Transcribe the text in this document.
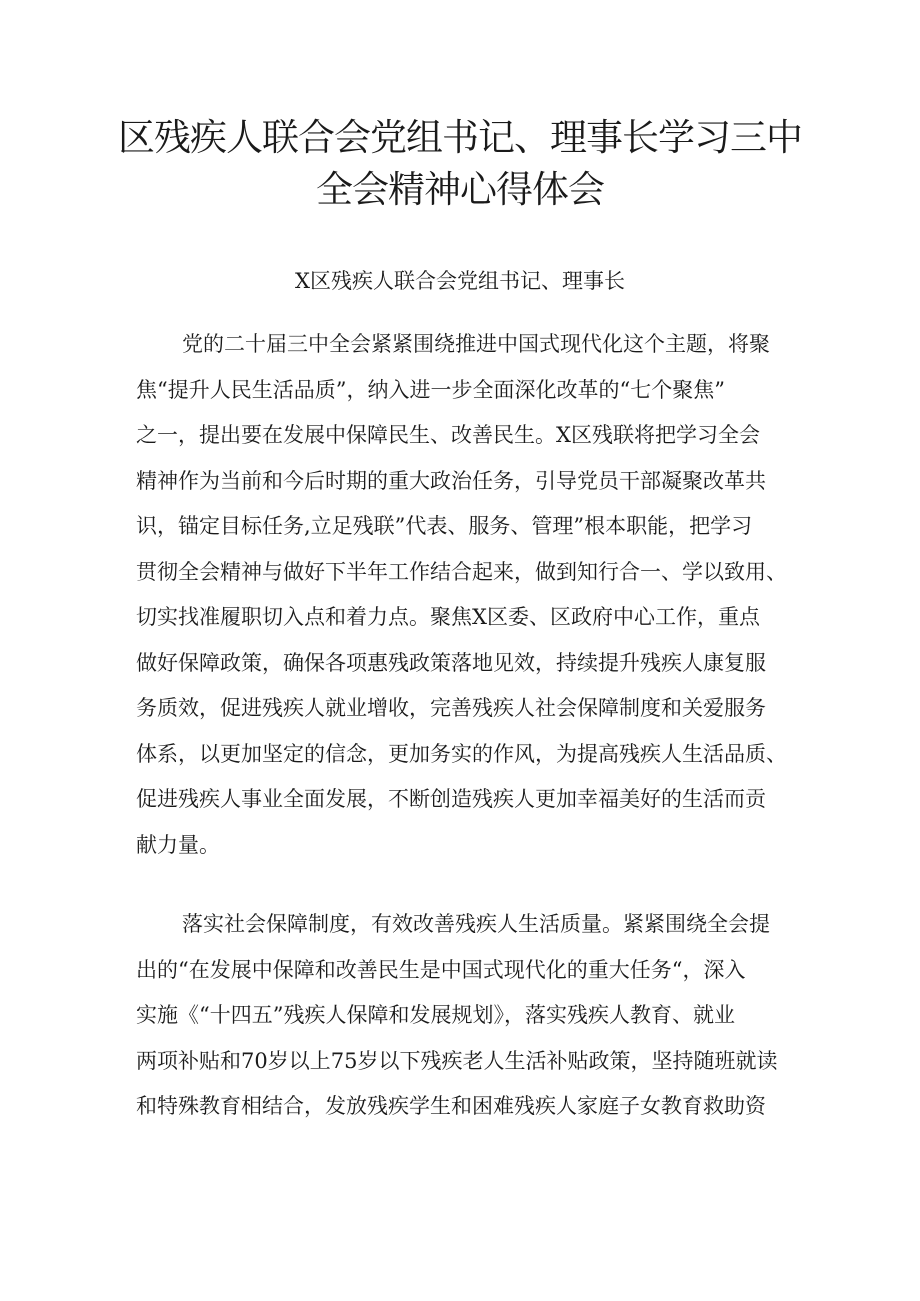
区残疾人联合会党组书记、理事长学习三中
全会精神心得体会
X区残疾人联合会党组书记、理事长
党的二十届三中全会紧紧围绕推进中国式现代化这个主题，将聚
焦“提升人民生活品质”，纳入进一步全面深化改革的“七个聚焦”
之一，提出要在发展中保障民生、改善民生。X区残联将把学习全会
精神作为当前和今后时期的重大政治任务，引导党员干部凝聚改革共
识，锚定目标任务,立足残联”代表、服务、管理”根本职能，把学习
贯彻全会精神与做好下半年工作结合起来，做到知行合一、学以致用、
切实找准履职切入点和着力点。聚焦X区委、区政府中心工作，重点
做好保障政策，确保各项惠残政策落地见效，持续提升残疾人康复服
务质效，促进残疾人就业增收，完善残疾人社会保障制度和关爱服务
体系，以更加坚定的信念，更加务实的作风，为提高残疾人生活品质、
促进残疾人事业全面发展，不断创造残疾人更加幸福美好的生活而贡
献力量。
落实社会保障制度，有效改善残疾人生活质量。紧紧围绕全会提
出的“在发展中保障和改善民生是中国式现代化的重大任务“，深入
实施《“十四五”残疾人保障和发展规划》，落实残疾人教育、就业
两项补贴和70岁以上75岁以下残疾老人生活补贴政策，坚持随班就读
和特殊教育相结合，发放残疾学生和困难残疾人家庭子女教育救助资
